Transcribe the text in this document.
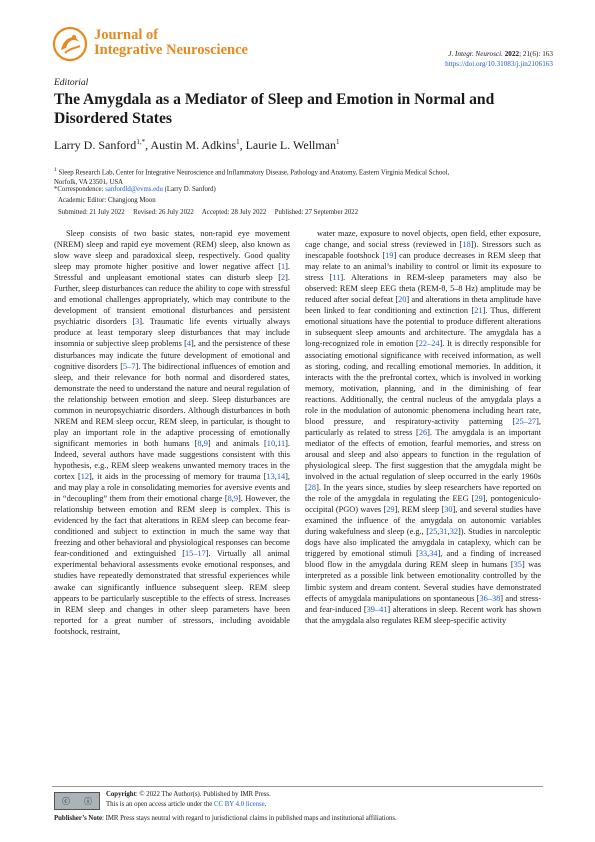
Journal of
Integrative Neuroscience	J. Integr. Neurosci. 2022; 21(6): 163
https://doi.org/10.31083/j.jin2106163
Editorial
The Amygdala as a Mediator of Sleep and Emotion in Normal and Disordered States
Larry D. Sanford$^{1,*}$, Austin M. Adkins$^1$, Laurie L. Wellman$^1$
$^1$ Sleep Research Lab, Center for Integrative Neuroscience and Inflammatory Disease, Pathology and Anatomy, Eastern Virginia Medical School,
Norfolk, VA 23501, USA
*Correspondence: sanfordld@evms.edu (Larry D. Sanford)
Academic Editor: Changjong Moon
Submitted: 21 July 2022 Revised: 26 July 2022 Accepted: 28 July 2022 Published: 27 September 2022

Sleep consists of two basic states, non-rapid eye movement (NREM) sleep and rapid eye movement (REM) sleep, also known as slow wave sleep and paradoxical sleep, respectively. Good quality sleep may promote higher positive and lower negative affect [1]. Stressful and unpleasant emotional states can disturb sleep [2]. Further, sleep disturbances can reduce the ability to cope with stressful and emotional challenges appropriately, which may contribute to the development of transient emotional disturbances and persistent psychiatric disorders [3]. Traumatic life events virtually always produce at least temporary sleep disturbances that may include insomnia or subjective sleep problems [4], and the persistence of these disturbances may indicate the future development of emotional and cognitive disorders [5–7]. The bidirectional influences of emotion and sleep, and their relevance for both normal and disordered states, demonstrate the need to understand the nature and neural regulation of the relationship between emotion and sleep. Sleep disturbances are common in neuropsychiatric disorders. Although disturbances in both NREM and REM sleep occur, REM sleep, in particular, is thought to play an important role in the adaptive processing of emotionally significant memories in both humans [8,9] and animals [10,11]. Indeed, several authors have made suggestions consistent with this hypothesis, e.g., REM sleep weakens unwanted memory traces in the cortex [12], it aids in the processing of memory for trauma [13,14], and may play a role in consolidating memories for aversive events and in “decoupling” them from their emotional charge [8,9]. However, the relationship between emotion and REM sleep is complex. This is evidenced by the fact that alterations in REM sleep can become fear-conditioned and subject to extinction in much the same way that freezing and other behavioral and physiological responses can become fear-conditioned and extinguished [15–17]. Virtually all animal experimental behavioral assessments evoke emotional responses, and studies have repeatedly demonstrated that stressful experiences while awake can significantly influence subsequent sleep. REM sleep appears to be particularly susceptible to the effects of stress. Increases in REM sleep and changes in other sleep parameters have been reported for a great number of stressors, including avoidable footshock, restraint,

water maze, exposure to novel objects, open field, ether exposure, cage change, and social stress (reviewed in [18]). Stressors such as inescapable footshock [19] can produce decreases in REM sleep that may relate to an animal’s inability to control or limit its exposure to stress [11]. Alterations in REM-sleep parameters may also be observed: REM sleep EEG theta (REM-θ, 5–8 Hz) amplitude may be reduced after social defeat [20] and alterations in theta amplitude have been linked to fear conditioning and extinction [21]. Thus, different emotional situations have the potential to produce different alterations in subsequent sleep amounts and architecture. The amygdala has a long-recognized role in emotion [22–24]. It is directly responsible for associating emotional significance with received information, as well as storing, coding, and recalling emotional memories. In addition, it interacts with the the prefrontal cortex, which is involved in working memory, motivation, planning, and in the diminishing of fear reactions. Additionally, the central nucleus of the amygdala plays a role in the modulation of autonomic phenomena including heart rate, blood pressure, and respiratory-activity patterning [25–27], particularly as related to stress [26]. The amygdala is an important mediator of the effects of emotion, fearful memories, and stress on arousal and sleep and also appears to function in the regulation of physiological sleep. The first suggestion that the amygdala might be involved in the actual regulation of sleep occurred in the early 1960s [28]. In the years since, studies by sleep researchers have reported on the role of the amygdala in regulating the EEG [29], pontogeniculo-occipital (PGO) waves [29], REM sleep [30], and several studies have examined the influence of the amygdala on autonomic variables during wakefulness and sleep (e.g., [25,31,32]). Studies in narcoleptic dogs have also implicated the amygdala in cataplexy, which can be triggered by emotional stimuli [33,34], and a finding of increased blood flow in the amygdala during REM sleep in humans [35] was interpreted as a possible link between emotionality controlled by the limbic system and dream content. Several studies have demonstrated effects of amygdala manipulations on spontaneous [36–38] and stress- and fear-induced [39–41] alterations in sleep. Recent work has shown that the amygdala also regulates REM sleep-specific activity

ⓒ ⓘ
Copyright: © 2022 The Author(s). Published by IMR Press.
This is an open access article under the CC BY 4.0 license.
Publisher’s Note: IMR Press stays neutral with regard to jurisdictional claims in published maps and institutional affiliations.
